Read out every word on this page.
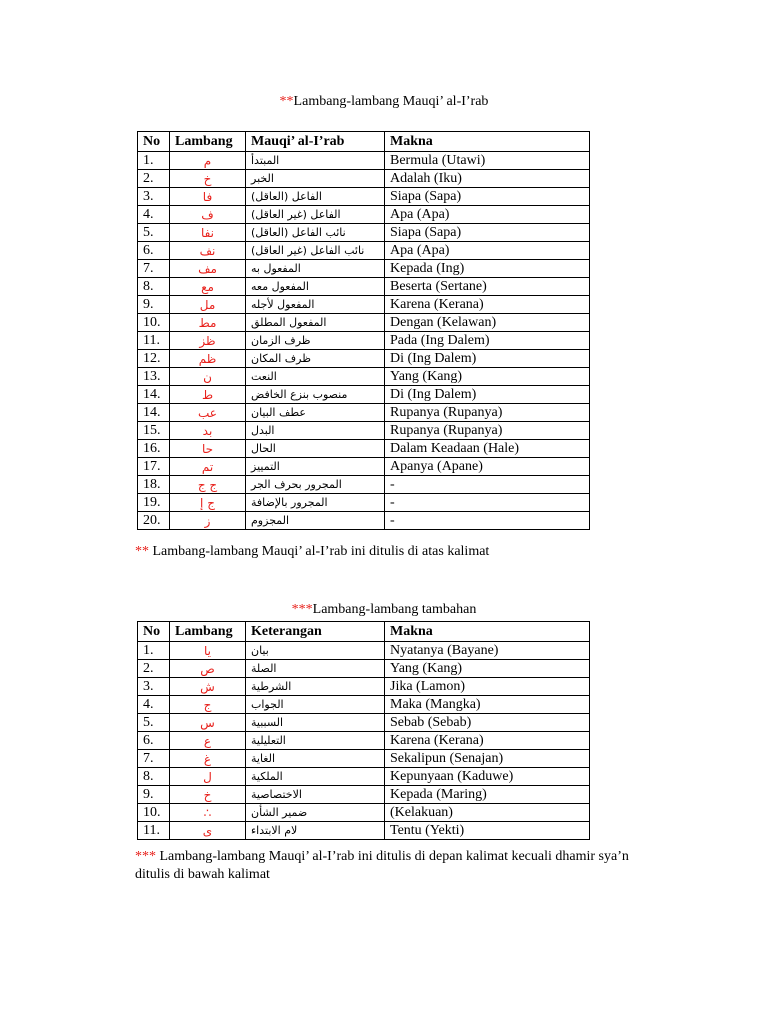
**Lambang-lambang Mauqi’ al-I’rab
No	Lambang	Mauqi’ al-I’rab	Makna
1.	م	المبتدأ	Bermula (Utawi)
2.	خ	الخبر	Adalah (Iku)
3.	فا	الفاعل (العاقل)	Siapa (Sapa)
4.	ف	الفاعل (غير العاقل)	Apa (Apa)
5.	نفا	نائب الفاعل (العاقل)	Siapa (Sapa)
6.	نف	نائب الفاعل (غير العاقل)	Apa (Apa)
7.	مف	المفعول به	Kepada (Ing)
8.	مع	المفعول معه	Beserta (Sertane)
9.	مل	المفعول لأجله	Karena (Kerana)
10.	مط	المفعول المطلق	Dengan (Kelawan)
11.	ظز	ظرف الزمان	Pada (Ing Dalem)
12.	ظم	ظرف المكان	Di (Ing Dalem)
13.	ن	النعت	Yang (Kang)
14.	ط	منصوب بنزع الخافض	Di (Ing Dalem)
14.	عب	عطف البيان	Rupanya (Rupanya)
15.	بد	البدل	Rupanya (Rupanya)
16.	حا	الحال	Dalam Keadaan (Hale)
17.	تم	التمييز	Apanya (Apane)
18.	ج ج	المجرور بحرف الجر	-
19.	ج إ	المجرور بالإضافة	-
20.	ز	المجزوم	-
** Lambang-lambang Mauqi’ al-I’rab ini ditulis di atas kalimat
***Lambang-lambang tambahan
No	Lambang	Keterangan	Makna
1.	يا	بيان	Nyatanya (Bayane)
2.	ص	الصلة	Yang (Kang)
3.	ش	الشرطية	Jika (Lamon)
4.	ج	الجواب	Maka (Mangka)
5.	س	السببية	Sebab (Sebab)
6.	ع	التعليلية	Karena (Kerana)
7.	غ	الغاية	Sekalipun (Senajan)
8.	ل	الملكية	Kepunyaan (Kaduwe)
9.	خ	الاختصاصية	Kepada (Maring)
10.	∴	ضمير الشأن	(Kelakuan)
11.	ى	لام الابتداء	Tentu (Yekti)
*** Lambang-lambang Mauqi’ al-I’rab ini ditulis di depan kalimat kecuali dhamir sya’n
ditulis di bawah kalimat
